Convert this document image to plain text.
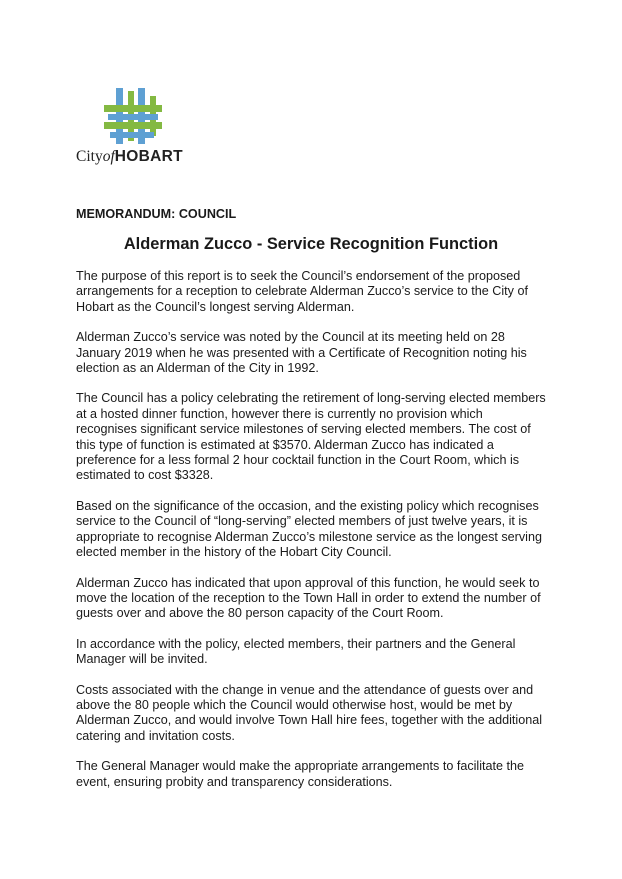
CityofHOBART
MEMORANDUM: COUNCIL
Alderman Zucco - Service Recognition Function

The purpose of this report is to seek the Council’s endorsement of the proposed arrangements for a reception to celebrate Alderman Zucco’s service to the City of Hobart as the Council’s longest serving Alderman.

Alderman Zucco’s service was noted by the Council at its meeting held on 28 January 2019 when he was presented with a Certificate of Recognition noting his election as an Alderman of the City in 1992.

The Council has a policy celebrating the retirement of long-serving elected members at a hosted dinner function, however there is currently no provision which recognises significant service milestones of serving elected members. The cost of this type of function is estimated at $3570. Alderman Zucco has indicated a preference for a less formal 2 hour cocktail function in the Court Room, which is estimated to cost $3328.

Based on the significance of the occasion, and the existing policy which recognises service to the Council of “long-serving” elected members of just twelve years, it is appropriate to recognise Alderman Zucco’s milestone service as the longest serving elected member in the history of the Hobart City Council.

Alderman Zucco has indicated that upon approval of this function, he would seek to move the location of the reception to the Town Hall in order to extend the number of guests over and above the 80 person capacity of the Court Room.

In accordance with the policy, elected members, their partners and the General Manager will be invited.

Costs associated with the change in venue and the attendance of guests over and above the 80 people which the Council would otherwise host, would be met by Alderman Zucco, and would involve Town Hall hire fees, together with the additional catering and invitation costs.

The General Manager would make the appropriate arrangements to facilitate the event, ensuring probity and transparency considerations.
